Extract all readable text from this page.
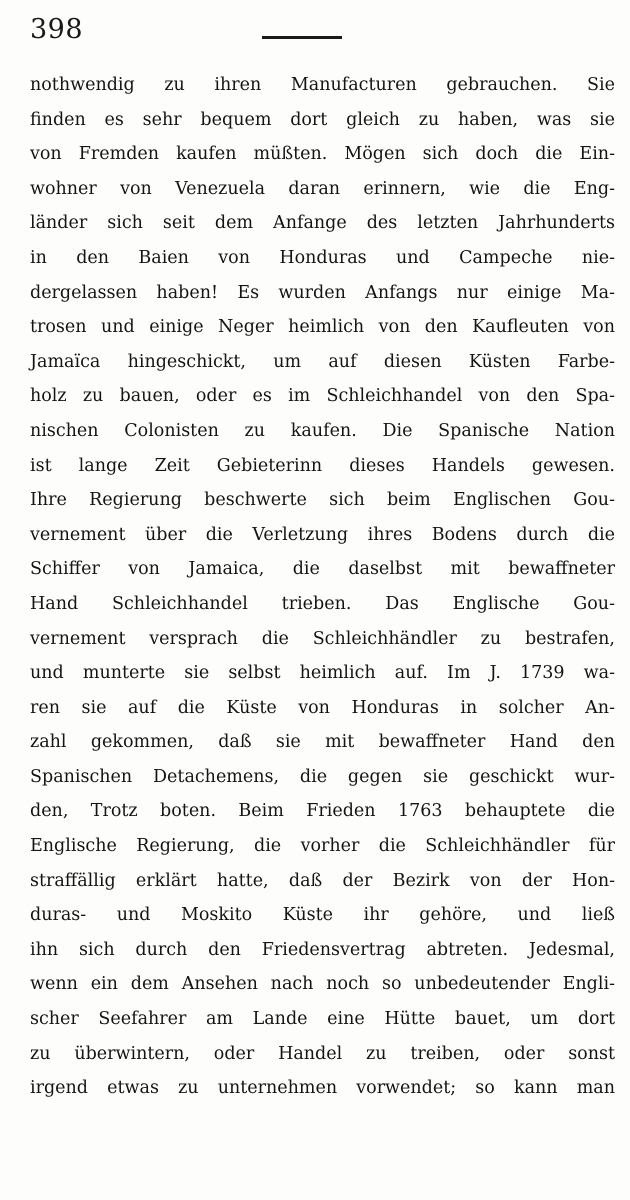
398
nothwendig zu ihren Manufacturen gebrauchen. Sie
finden es sehr bequem dort gleich zu haben, was sie
von Fremden kaufen müßten. Mögen sich doch die Ein-
wohner von Venezuela daran erinnern, wie die Eng-
länder sich seit dem Anfange des letzten Jahrhunderts
in den Baien von Honduras und Campeche nie-
dergelassen haben! Es wurden Anfangs nur einige Ma-
trosen und einige Neger heimlich von den Kaufleuten von
Jamaïca hingeschickt, um auf diesen Küsten Farbe-
holz zu bauen, oder es im Schleichhandel von den Spa-
nischen Colonisten zu kaufen. Die Spanische Nation
ist lange Zeit Gebieterinn dieses Handels gewesen.
Ihre Regierung beschwerte sich beim Englischen Gou-
vernement über die Verletzung ihres Bodens durch die
Schiffer von Jamaica, die daselbst mit bewaffneter
Hand Schleichhandel trieben. Das Englische Gou-
vernement versprach die Schleichhändler zu bestrafen,
und munterte sie selbst heimlich auf. Im J. 1739 wa-
ren sie auf die Küste von Honduras in solcher An-
zahl gekommen, daß sie mit bewaffneter Hand den
Spanischen Detachemens, die gegen sie geschickt wur-
den, Trotz boten. Beim Frieden 1763 behauptete die
Englische Regierung, die vorher die Schleichhändler für
straffällig erklärt hatte, daß der Bezirk von der Hon-
duras- und Moskito Küste ihr gehöre, und ließ
ihn sich durch den Friedensvertrag abtreten. Jedesmal,
wenn ein dem Ansehen nach noch so unbedeutender Engli-
scher Seefahrer am Lande eine Hütte bauet, um dort
zu überwintern, oder Handel zu treiben, oder sonst
irgend etwas zu unternehmen vorwendet; so kann man
